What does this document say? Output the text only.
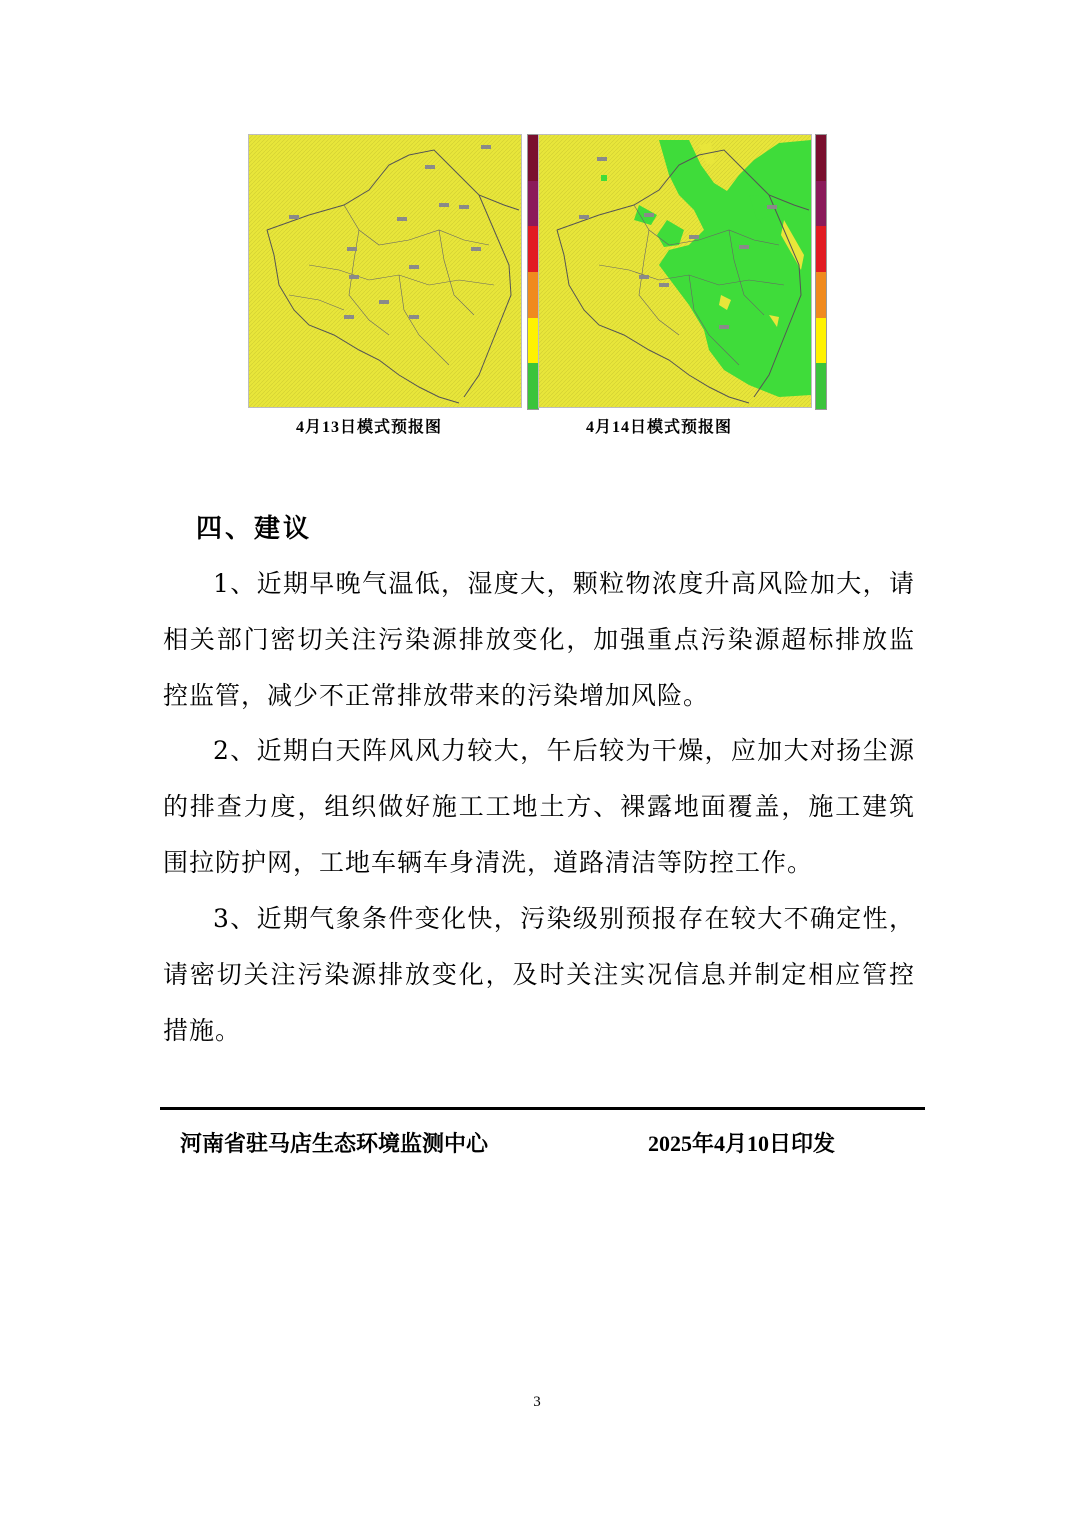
4月13日模式预报图	4月14日模式预报图
四、建议
1、近期早晚气温低，湿度大，颗粒物浓度升高风险加大，请相关部门密切关注污染源排放变化，加强重点污染源超标排放监控监管，减少不正常排放带来的污染增加风险。
2、近期白天阵风风力较大，午后较为干燥，应加大对扬尘源的排查力度，组织做好施工工地土方、裸露地面覆盖，施工建筑围拉防护网，工地车辆车身清洗，道路清洁等防控工作。
3、近期气象条件变化快，污染级别预报存在较大不确定性，请密切关注污染源排放变化，及时关注实况信息并制定相应管控措施。
河南省驻马店生态环境监测中心	2025年4月10日印发
3
